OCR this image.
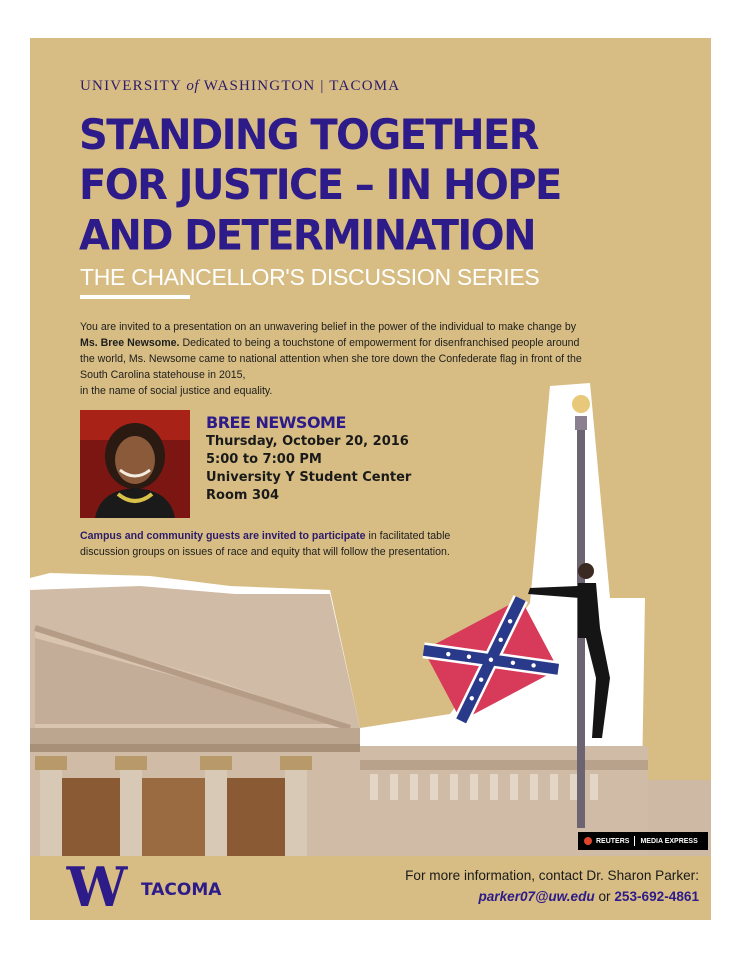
UNIVERSITY of WASHINGTON | TACOMA
STANDING TOGETHER
FOR JUSTICE – IN HOPE
AND DETERMINATION
THE CHANCELLOR'S DISCUSSION SERIES

You are invited to a presentation on an unwavering belief in the power of the individual to make change by Ms. Bree Newsome. Dedicated to being a touchstone of empowerment for disenfranchised people around the world, Ms. Newsome came to national attention when she tore down the Confederate flag in front of the South Carolina statehouse in 2015,
in the name of social justice and equality.

BREE NEWSOME
Thursday, October 20, 2016
5:00 to 7:00 PM
University Y Student Center
Room 304

Campus and community guests are invited to participate in facilitated table discussion groups on issues of race and equity that will follow the presentation.

REUTERS MEDIA EXPRESS
W TACOMA
For more information, contact Dr. Sharon Parker:
parker07@uw.edu or 253-692-4861
